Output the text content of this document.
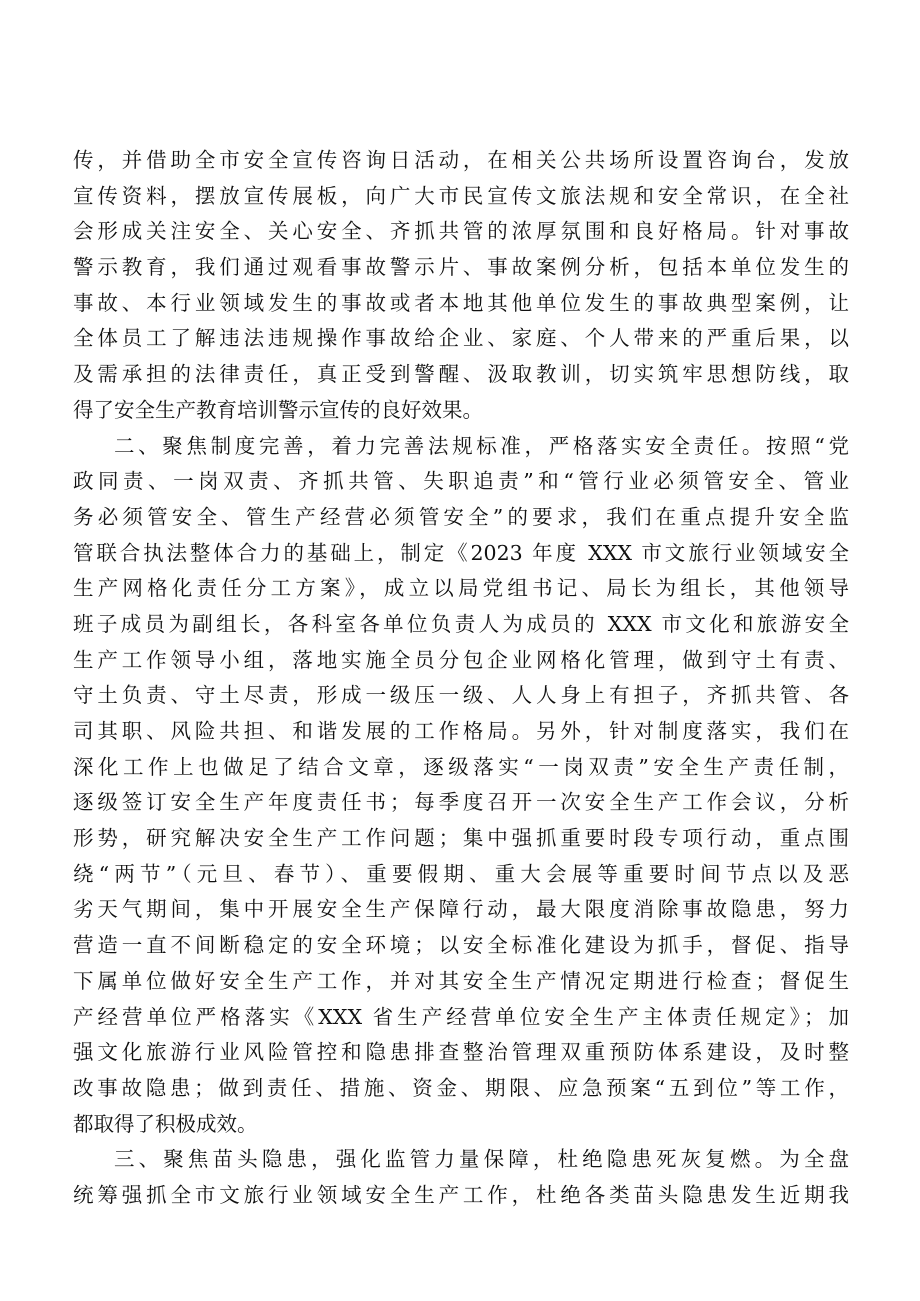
传，并借助全市安全宣传咨询日活动，在相关公共场所设置咨询台，发放
宣传资料，摆放宣传展板，向广大市民宣传文旅法规和安全常识，在全社
会形成关注安全、关心安全、齐抓共管的浓厚氛围和良好格局。针对事故
警示教育，我们通过观看事故警示片、事故案例分析，包括本单位发生的
事故、本行业领域发生的事故或者本地其他单位发生的事故典型案例，让
全体员工了解违法违规操作事故给企业、家庭、个人带来的严重后果，以
及需承担的法律责任，真正受到警醒、汲取教训，切实筑牢思想防线，取
得了安全生产教育培训警示宣传的良好效果。
二、聚焦制度完善，着力完善法规标准，严格落实安全责任。按照“党
政同责、一岗双责、齐抓共管、失职追责”和“管行业必须管安全、管业
务必须管安全、管生产经营必须管安全”的要求，我们在重点提升安全监
管联合执法整体合力的基础上，制定《2023 年度 XXX 市文旅行业领域安全
生产网格化责任分工方案》，成立以局党组书记、局长为组长，其他领导
班子成员为副组长，各科室各单位负责人为成员的 XXX 市文化和旅游安全
生产工作领导小组，落地实施全员分包企业网格化管理，做到守土有责、
守土负责、守土尽责，形成一级压一级、人人身上有担子，齐抓共管、各
司其职、风险共担、和谐发展的工作格局。另外，针对制度落实，我们在
深化工作上也做足了结合文章，逐级落实“一岗双责”安全生产责任制，
逐级签订安全生产年度责任书；每季度召开一次安全生产工作会议，分析
形势，研究解决安全生产工作问题；集中强抓重要时段专项行动，重点围
绕“两节”（元旦、春节）、重要假期、重大会展等重要时间节点以及恶
劣天气期间，集中开展安全生产保障行动，最大限度消除事故隐患，努力
营造一直不间断稳定的安全环境；以安全标准化建设为抓手，督促、指导
下属单位做好安全生产工作，并对其安全生产情况定期进行检查；督促生
产经营单位严格落实《XXX 省生产经营单位安全生产主体责任规定》；加
强文化旅游行业风险管控和隐患排查整治管理双重预防体系建设，及时整
改事故隐患；做到责任、措施、资金、期限、应急预案“五到位”等工作，
都取得了积极成效。
三、聚焦苗头隐患，强化监管力量保障，杜绝隐患死灰复燃。为全盘
统筹强抓全市文旅行业领域安全生产工作，杜绝各类苗头隐患发生近期我
